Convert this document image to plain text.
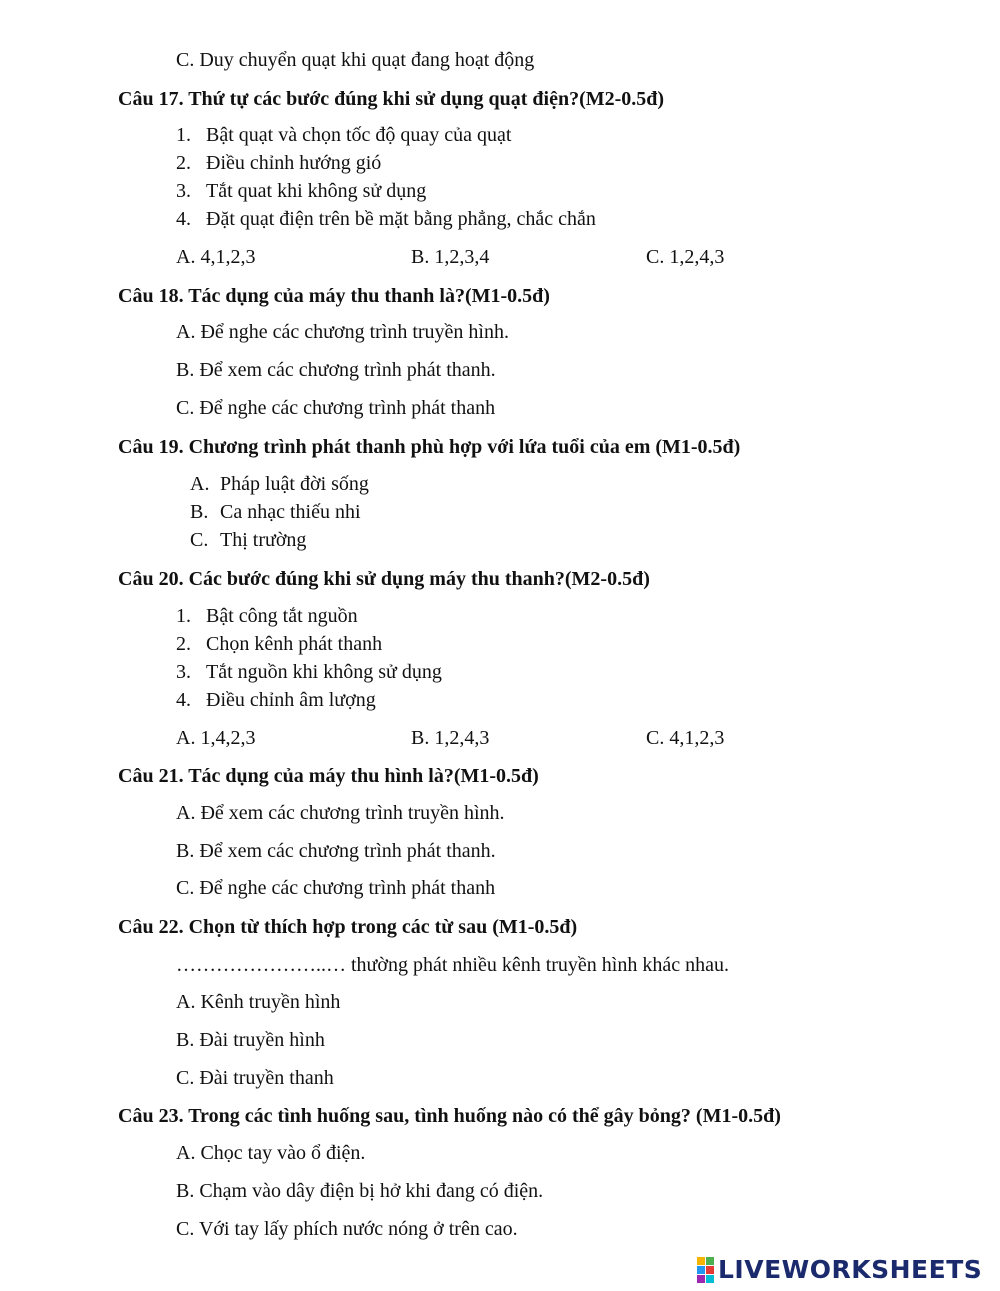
C. Duy chuyển quạt khi quạt đang hoạt động
Câu 17. Thứ tự các bước đúng khi sử dụng quạt điện?(M2-0.5đ)
1. Bật quạt và chọn tốc độ quay của quạt
2. Điều chỉnh hướng gió
3. Tắt quat khi không sử dụng
4. Đặt quạt điện trên bề mặt bằng phẳng, chắc chắn
A. 4,1,2,3	B. 1,2,3,4	C. 1,2,4,3
Câu 18. Tác dụng của máy thu thanh là?(M1-0.5đ)
A. Để nghe các chương trình truyền hình.
B. Để xem các chương trình phát thanh.
C. Để nghe các chương trình phát thanh
Câu 19. Chương trình phát thanh phù hợp với lứa tuổi của em (M1-0.5đ)
A. Pháp luật đời sống
B. Ca nhạc thiếu nhi
C. Thị trường
Câu 20. Các bước đúng khi sử dụng máy thu thanh?(M2-0.5đ)
1. Bật công tắt nguồn
2. Chọn kênh phát thanh
3. Tắt nguồn khi không sử dụng
4. Điều chỉnh âm lượng
A. 1,4,2,3	B. 1,2,4,3	C. 4,1,2,3
Câu 21. Tác dụng của máy thu hình là?(M1-0.5đ)
A. Để xem các chương trình truyền hình.
B. Để xem các chương trình phát thanh.
C. Để nghe các chương trình phát thanh
Câu 22. Chọn từ thích hợp trong các từ sau (M1-0.5đ)
…………………..… thường phát nhiều kênh truyền hình khác nhau.
A. Kênh truyền hình
B. Đài truyền hình
C. Đài truyền thanh
Câu 23. Trong các tình huống sau, tình huống nào có thể gây bỏng? (M1-0.5đ)
A. Chọc tay vào ổ điện.
B. Chạm vào dây điện bị hở khi đang có điện.
C. Với tay lấy phích nước nóng ở trên cao.
LIVEWORKSHEETS
